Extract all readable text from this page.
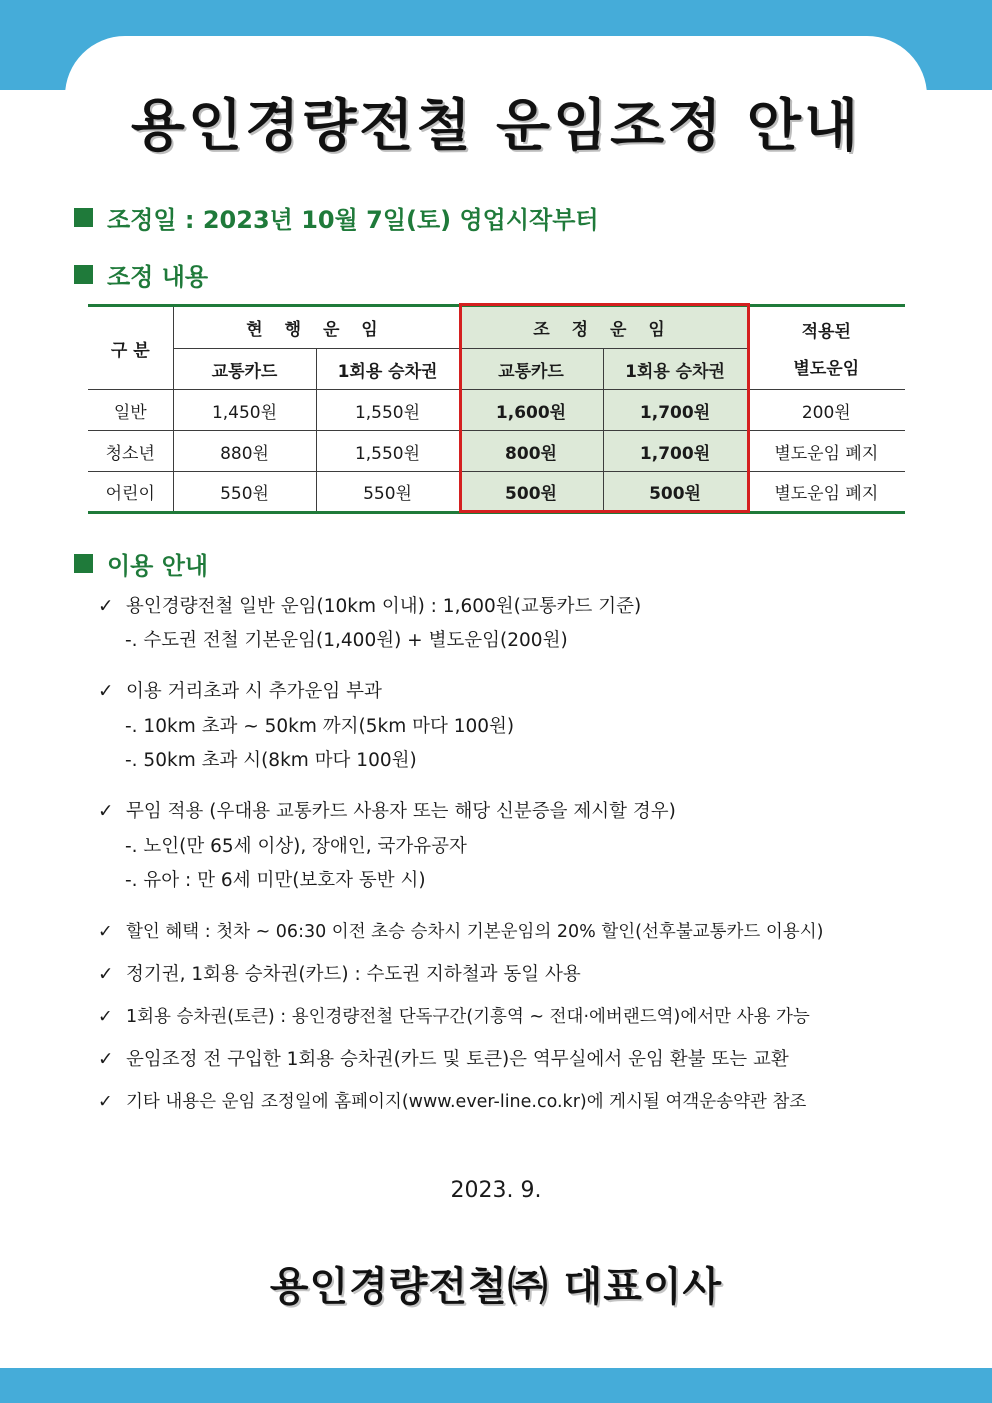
용인경량전철 운임조정 안내
조정일 : 2023년 10월 7일(토) 영업시작부터
조정 내용
구 분	현 행 운 임		조 정 운 임		적용된
별도운임

	교통카드	1회용 승차권	교통카드	1회용 승차권	
일반	1,450원	1,550원	1,600원	1,700원	200원
청소년	880원	1,550원	800원	1,700원	별도운임 폐지
어린이	550원	550원	500원	500원	별도운임 폐지
이용 안내
✓ 용인경량전철 일반 운임(10km 이내) : 1,600원(교통카드 기준)
-. 수도권 전철 기본운임(1,400원) + 별도운임(200원)
✓ 이용 거리초과 시 추가운임 부과
-. 10km 초과 ~ 50km 까지(5km 마다 100원)
-. 50km 초과 시(8km 마다 100원)
✓ 무임 적용 (우대용 교통카드 사용자 또는 해당 신분증을 제시할 경우)
-. 노인(만 65세 이상), 장애인, 국가유공자
-. 유아 : 만 6세 미만(보호자 동반 시)
✓ 할인 혜택 : 첫차 ~ 06:30 이전 초승 승차시 기본운임의 20% 할인(선후불교통카드 이용시)
✓ 정기권, 1회용 승차권(카드) : 수도권 지하철과 동일 사용
✓ 1회용 승차권(토큰) : 용인경량전철 단독구간(기흥역 ~ 전대·에버랜드역)에서만 사용 가능
✓ 운임조정 전 구입한 1회용 승차권(카드 및 토큰)은 역무실에서 운임 환불 또는 교환
✓ 기타 내용은 운임 조정일에 홈페이지(www.ever-line.co.kr)에 게시될 여객운송약관 참조
2023. 9.
용인경량전철㈜ 대표이사
